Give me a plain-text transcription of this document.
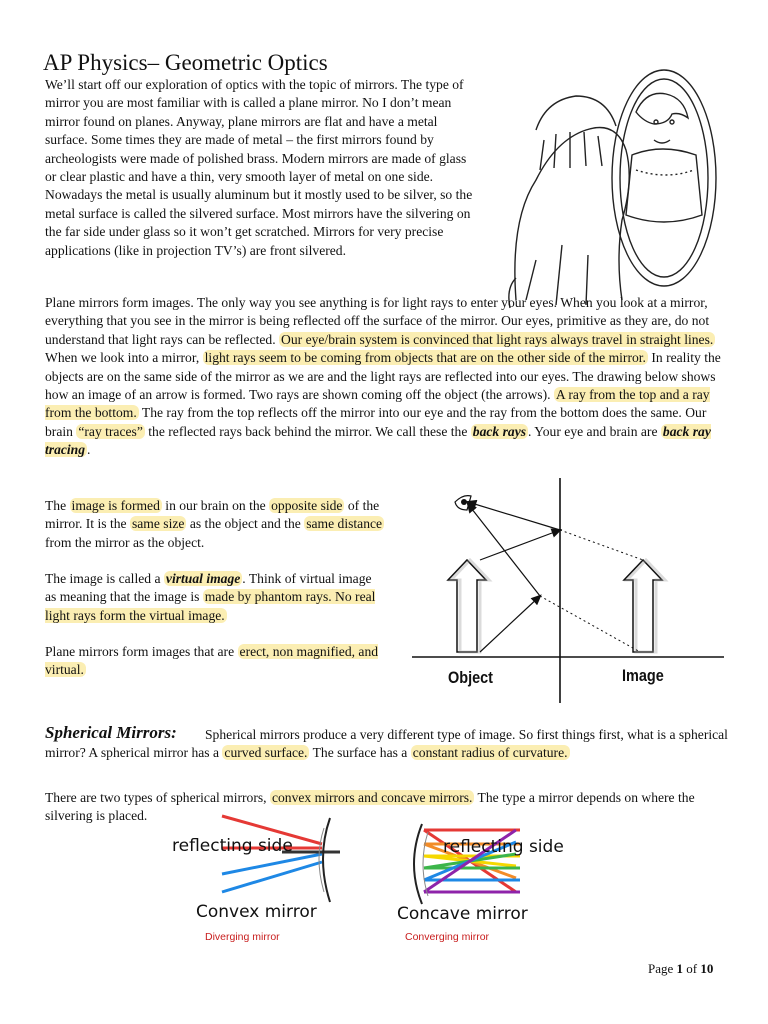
AP Physics– Geometric Optics

We’ll start off our exploration of optics with the topic of mirrors. The type of mirror you are most familiar with is called a plane mirror. No I don’t mean mirror found on planes. Anyway, plane mirrors are flat and have a metal surface. Some times they are made of metal – the first mirrors found by archeologists were made of polished brass. Modern mirrors are made of glass or clear plastic and have a thin, very smooth layer of metal on one side. Nowadays the metal is usually aluminum but it mostly used to be silver, so the metal surface is called the silvered surface. Most mirrors have the silvering on the far side under glass so it won’t get scratched. Mirrors for very precise applications (like in projection TV’s) are front silvered.

Plane mirrors form images. The only way you see anything is for light rays to enter your eyes. When you look at a mirror, everything that you see in the mirror is being reflected off the surface of the mirror. Our eyes, primitive as they are, do not understand that light rays can be reflected. Our eye/brain system is convinced that light rays always travel in straight lines. When we look into a mirror, light rays seem to be coming from objects that are on the other side of the mirror. In reality the objects are on the same side of the mirror as we are and the light rays are reflected into our eyes. The drawing below shows how an image of an arrow is formed. Two rays are shown coming off the object (the arrows). A ray from the top and a ray from the bottom. The ray from the top reflects off the mirror into our eye and the ray from the bottom does the same. Our brain “ray traces” the reflected rays back behind the mirror. We call these the back rays . Your eye and brain are back ray tracing .

The image is formed in our brain on the opposite side of the mirror. It is the same size as the object and the same distance from the mirror as the object.

The image is called a virtual image . Think of virtual image as meaning that the image is made by phantom rays. No real light rays form the virtual image.

Plane mirrors form images that are erect, non magnified, and virtual.	Object	Image
Spherical Mirrors:	Spherical mirrors produce a very different type of image. So first things first, what is a spherical mirror? A spherical mirror has a curved surface. The surface has a constant radius of curvature.

There are two types of spherical mirrors, convex mirrors and concave mirrors. The type a mirror depends on where the silvering is placed.

reflecting side
Convex mirror
Diverging mirror
reflecting side
Concave mirror
Converging mirror
Page 1 of 10
